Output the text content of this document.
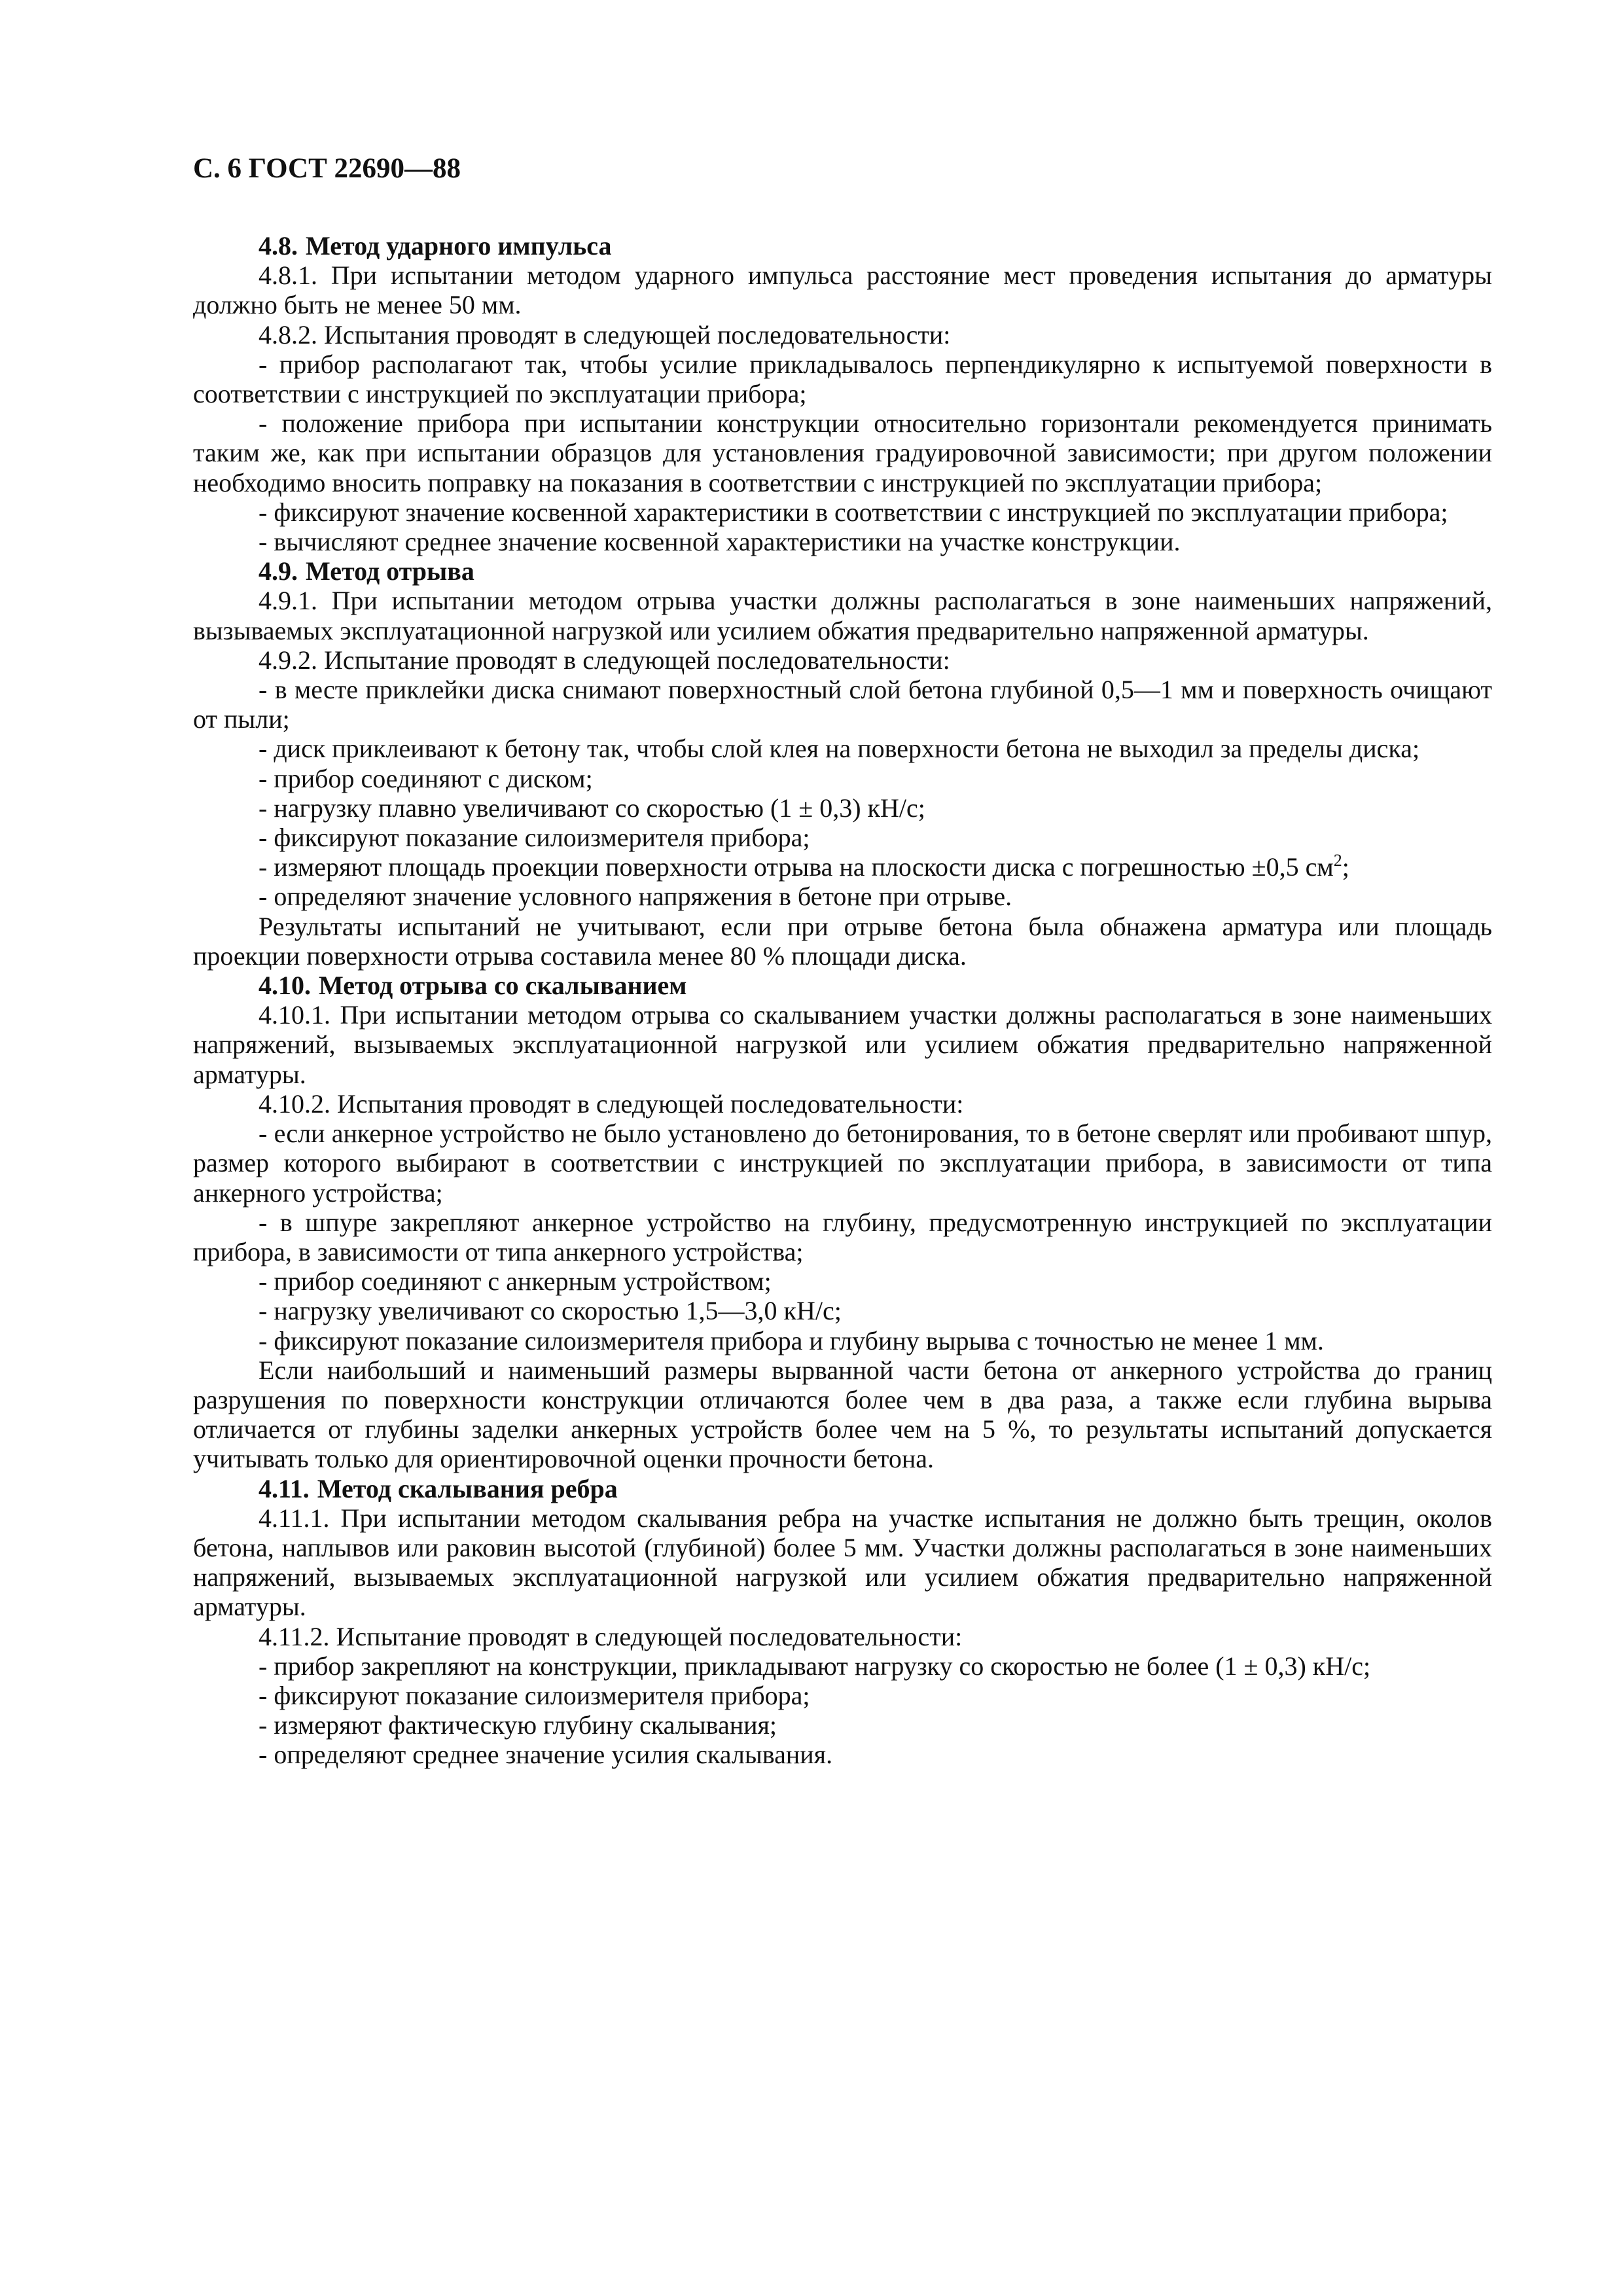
С. 6 ГОСТ 22690—88
4.8. Метод ударного импульса
4.8.1. При испытании методом ударного импульса расстояние мест проведения испытания до арматуры должно быть не менее 50 мм.
4.8.2. Испытания проводят в следующей последовательности:
- прибор располагают так, чтобы усилие прикладывалось перпендикулярно к испытуемой поверхности в соответствии с инструкцией по эксплуатации прибора;
- положение прибора при испытании конструкции относительно горизонтали рекомендуется принимать таким же, как при испытании образцов для установления градуировочной зависимости; при другом положении необходимо вносить поправку на показания в соответствии с инструкцией по эксплуатации прибора;
- фиксируют значение косвенной характеристики в соответствии с инструкцией по эксплуатации прибора;
- вычисляют среднее значение косвенной характеристики на участке конструкции.
4.9. Метод отрыва
4.9.1. При испытании методом отрыва участки должны располагаться в зоне наименьших напряжений, вызываемых эксплуатационной нагрузкой или усилием обжатия предварительно напряженной арматуры.
4.9.2. Испытание проводят в следующей последовательности:
- в месте приклейки диска снимают поверхностный слой бетона глубиной 0,5—1 мм и поверхность очищают от пыли;
- диск приклеивают к бетону так, чтобы слой клея на поверхности бетона не выходил за пределы диска;
- прибор соединяют с диском;
- нагрузку плавно увеличивают со скоростью (1 ± 0,3) кН/с;
- фиксируют показание силоизмерителя прибора;
- измеряют площадь проекции поверхности отрыва на плоскости диска с погрешностью ±0,5 $см^2$;
- определяют значение условного напряжения в бетоне при отрыве.
Результаты испытаний не учитывают, если при отрыве бетона была обнажена арматура или площадь проекции поверхности отрыва составила менее 80 % площади диска.
4.10. Метод отрыва со скалыванием
4.10.1. При испытании методом отрыва со скалыванием участки должны располагаться в зоне наименьших напряжений, вызываемых эксплуатационной нагрузкой или усилием обжатия предварительно напряженной арматуры.
4.10.2. Испытания проводят в следующей последовательности:
- если анкерное устройство не было установлено до бетонирования, то в бетоне сверлят или пробивают шпур, размер которого выбирают в соответствии с инструкцией по эксплуатации прибора, в зависимости от типа анкерного устройства;
- в шпуре закрепляют анкерное устройство на глубину, предусмотренную инструкцией по эксплуатации прибора, в зависимости от типа анкерного устройства;
- прибор соединяют с анкерным устройством;
- нагрузку увеличивают со скоростью 1,5—3,0 кН/с;
- фиксируют показание силоизмерителя прибора и глубину вырыва с точностью не менее 1 мм.
Если наибольший и наименьший размеры вырванной части бетона от анкерного устройства до границ разрушения по поверхности конструкции отличаются более чем в два раза, а также если глубина вырыва отличается от глубины заделки анкерных устройств более чем на 5 %, то результаты испытаний допускается учитывать только для ориентировочной оценки прочности бетона.
4.11. Метод скалывания ребра
4.11.1. При испытании методом скалывания ребра на участке испытания не должно быть трещин, околов бетона, наплывов или раковин высотой (глубиной) более 5 мм. Участки должны располагаться в зоне наименьших напряжений, вызываемых эксплуатационной нагрузкой или усилием обжатия предварительно напряженной арматуры.
4.11.2. Испытание проводят в следующей последовательности:
- прибор закрепляют на конструкции, прикладывают нагрузку со скоростью не более (1 ± 0,3) кН/с;
- фиксируют показание силоизмерителя прибора;
- измеряют фактическую глубину скалывания;
- определяют среднее значение усилия скалывания.
